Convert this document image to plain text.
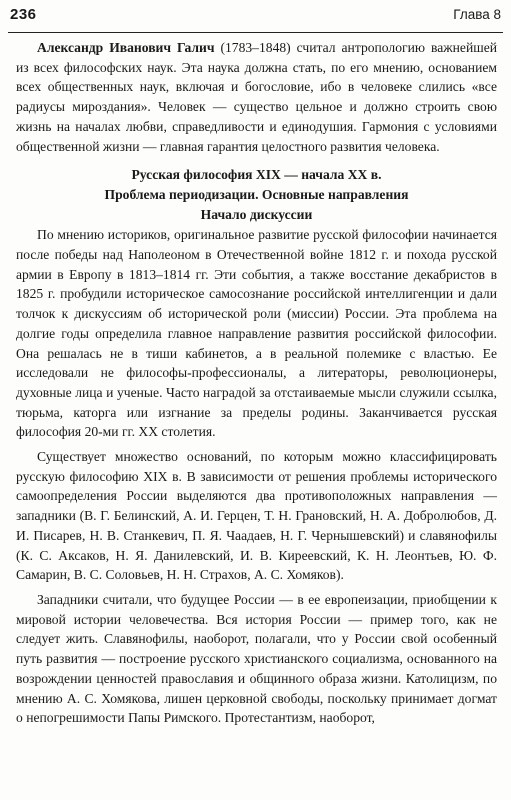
236	Глава 8

Александр Иванович Галич (1783–1848) считал антропологию важнейшей из всех философских наук. Эта наука должна стать, по его мнению, основанием всех общественных наук, включая и богословие, ибо в человеке слились «все радиусы мироздания». Человек — существо цельное и должно строить свою жизнь на началах любви, справедливости и единодушия. Гармония с условиями общественной жизни — главная гарантия целостного развития человека.

Русская философия XIX — начала XX в.
Проблема периодизации. Основные направления
Начало дискуссии

По мнению историков, оригинальное развитие русской философии начинается после победы над Наполеоном в Отечественной войне 1812 г. и похода русской армии в Европу в 1813–1814 гг. Эти события, а также восстание декабристов в 1825 г. пробудили историческое самосознание российской интеллигенции и дали толчок к дискуссиям об исторической роли (миссии) России. Эта проблема на долгие годы определила главное направление развития российской философии. Она решалась не в тиши кабинетов, а в реальной полемике с властью. Ее исследовали не философы-профессионалы, а литераторы, революционеры, духовные лица и ученые. Часто наградой за отстаиваемые мысли служили ссылка, тюрьма, каторга или изгнание за пределы родины. Заканчивается русская философия 20-ми гг. XX столетия.

Существует множество оснований, по которым можно классифицировать русскую философию XIX в. В зависимости от решения проблемы исторического самоопределения России выделяются два противоположных направления — западники (В. Г. Белинский, А. И. Герцен, Т. Н. Грановский, Н. А. Добролюбов, Д. И. Писарев, Н. В. Станкевич, П. Я. Чаадаев, Н. Г. Чернышевский) и славянофилы (К. С. Аксаков, Н. Я. Данилевский, И. В. Киреевский, К. Н. Леонтьев, Ю. Ф. Самарин, В. С. Соловьев, Н. Н. Страхов, А. С. Хомяков).

Западники считали, что будущее России — в ее европеизации, приобщении к мировой истории человечества. Вся история России — пример того, как не следует жить. Славянофилы, наоборот, полагали, что у России свой особенный путь развития — построение русского христианского социализма, основанного на возрождении ценностей православия и общинного образа жизни. Католицизм, по мнению А. С. Хомякова, лишен церковной свободы, поскольку принимает догмат о непогрешимости Папы Римского. Протестантизм, наоборот,
